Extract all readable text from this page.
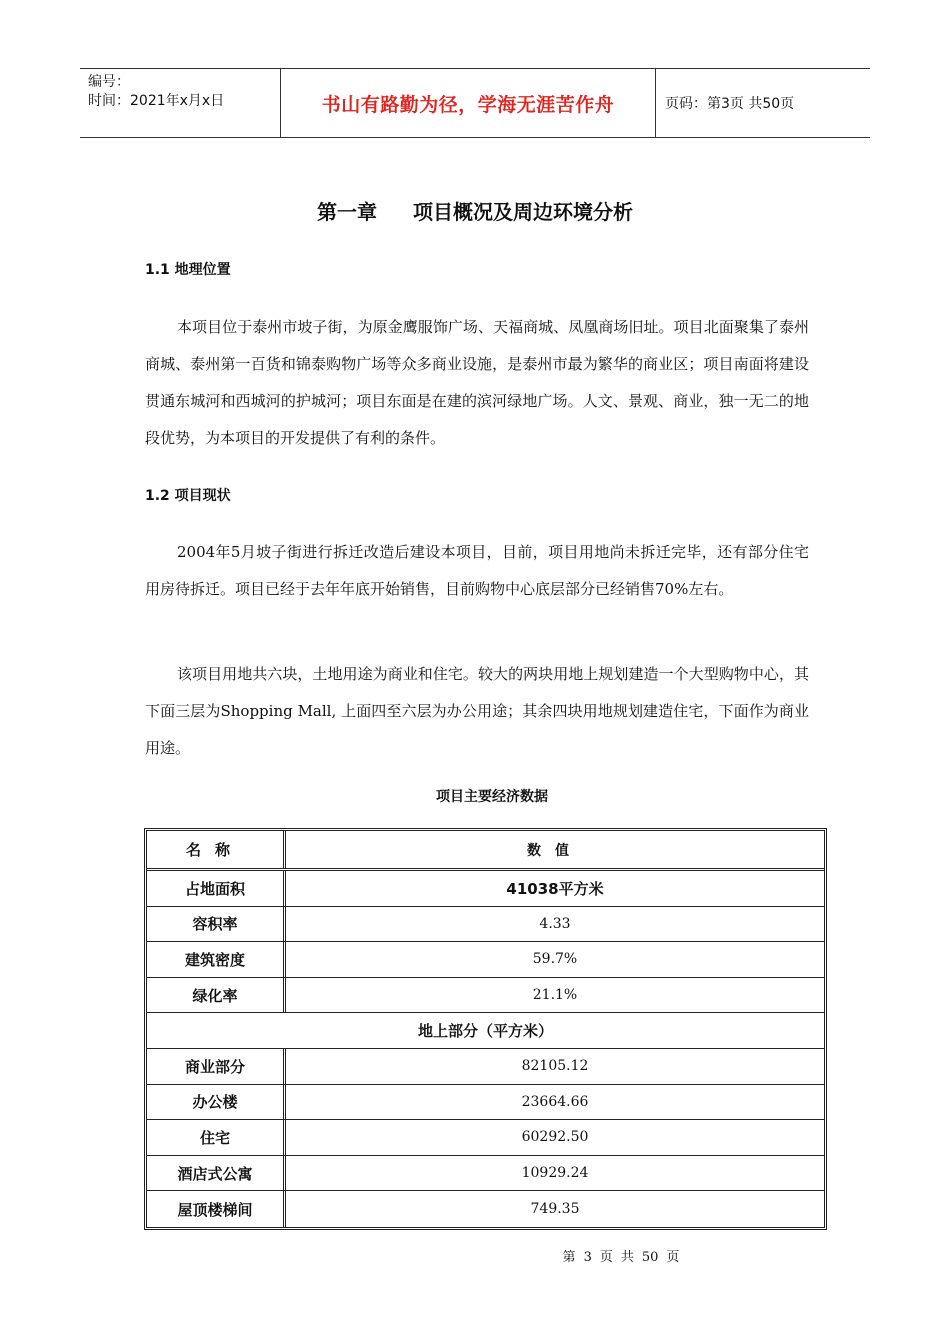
编号：
时间：2021年x月x日	书山有路勤为径，学海无涯苦作舟	页码：第3页 共50页
第一章 项目概况及周边环境分析
1.1 地理位置
本项目位于泰州市坡子街，为原金鹰服饰广场、天福商城、凤凰商场旧址。项目北面聚集了泰州商城、泰州第一百货和锦泰购物广场等众多商业设施，是泰州市最为繁华的商业区；项目南面将建设贯通东城河和西城河的护城河；项目东面是在建的滨河绿地广场。人文、景观、商业，独一无二的地段优势，为本项目的开发提供了有利的条件。
1.2 项目现状
2004年5月坡子街进行拆迁改造后建设本项目，目前，项目用地尚未拆迁完毕，还有部分住宅用房待拆迁。项目已经于去年年底开始销售，目前购物中心底层部分已经销售70%左右。
该项目用地共六块，土地用途为商业和住宅。较大的两块用地上规划建造一个大型购物中心，其下面三层为Shopping Mall, 上面四至六层为办公用途；其余四块用地规划建造住宅，下面作为商业用途。
项目主要经济数据
名称	数值
占地面积	41038平方米
容积率	4.33
建筑密度	59.7%
绿化率	21.1%
地上部分（平方米）
商业部分	82105.12
办公楼	23664.66
住宅	60292.50
酒店式公寓	10929.24
屋顶楼梯间	749.35
第 3 页 共 50 页
